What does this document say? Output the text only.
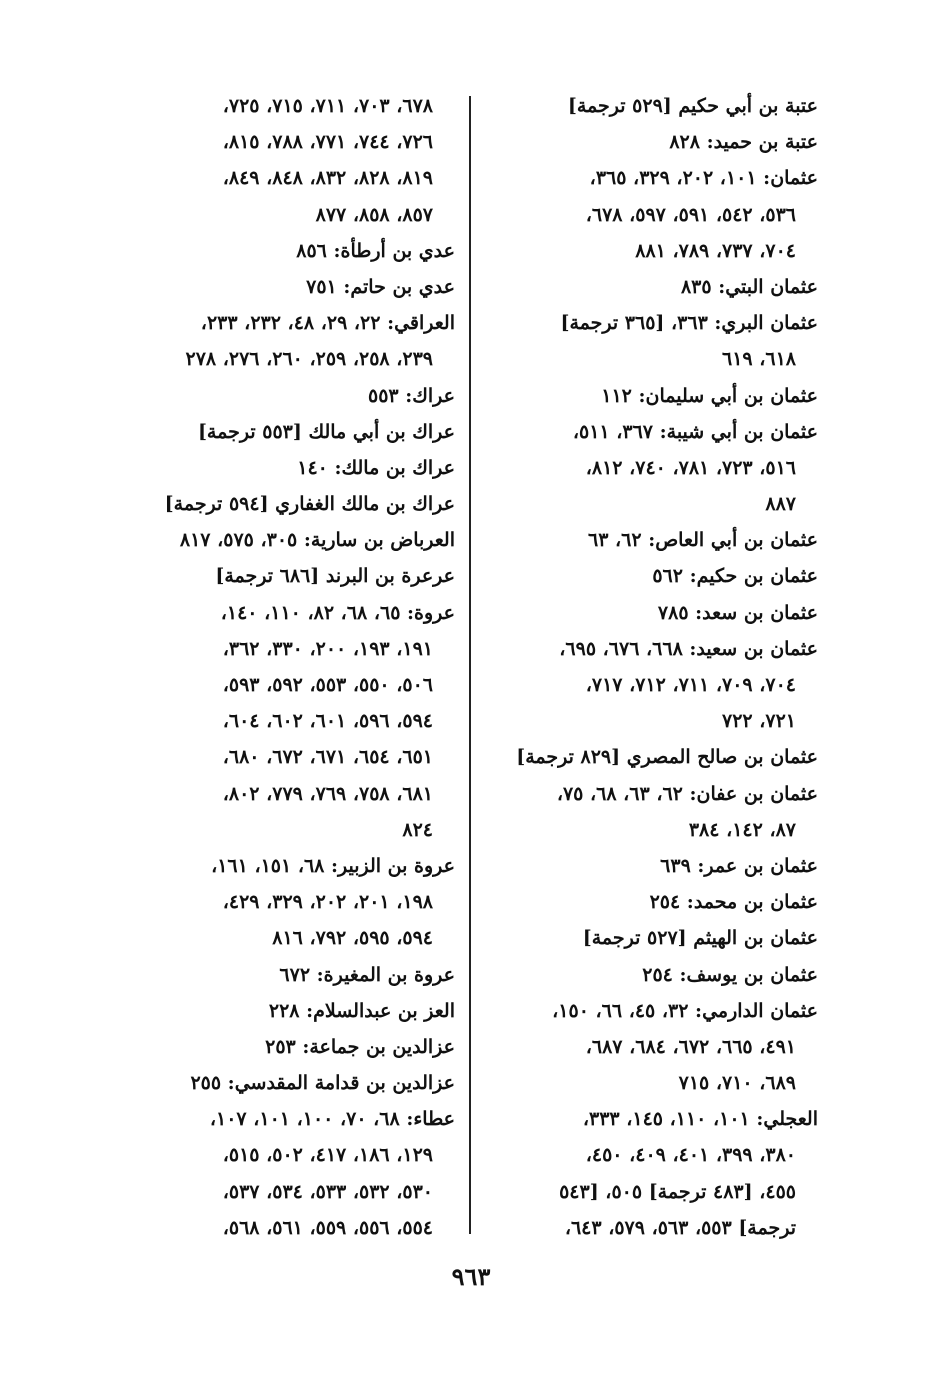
عتبة بن أبي حكيم [٥٢٩ ترجمة]
عتبة بن حميد: ٨٢٨
عثمان: ١٠١، ٢٠٢، ٣٢٩، ٣٦٥،
٥٣٦، ٥٤٢، ٥٩١، ٥٩٧، ٦٧٨،
٧٠٤، ٧٣٧، ٧٨٩، ٨٨١
عثمان البتي: ٨٣٥
عثمان البري: ٣٦٣، [٣٦٥ ترجمة]
٦١٨، ٦١٩
عثمان بن أبي سليمان: ١١٢
عثمان بن أبي شيبة: ٣٦٧، ٥١١،
٥١٦، ٧٢٣، ٧٨١، ٧٤٠، ٨١٢،
٨٨٧
عثمان بن أبي العاص: ٦٢، ٦٣
عثمان بن حكيم: ٥٦٢
عثمان بن سعد: ٧٨٥
عثمان بن سعيد: ٦٦٨، ٦٧٦، ٦٩٥،
٧٠٤، ٧٠٩، ٧١١، ٧١٢، ٧١٧،
٧٢١، ٧٢٢
عثمان بن صالح المصري [٨٢٩ ترجمة]
عثمان بن عفان: ٦٢، ٦٣، ٦٨، ٧٥،
٨٧، ١٤٢، ٣٨٤
عثمان بن عمر: ٦٣٩
عثمان بن محمد: ٢٥٤
عثمان بن الهيثم [٥٢٧ ترجمة]
عثمان بن يوسف: ٢٥٤
عثمان الدارمي: ٣٢، ٤٥، ٦٦، ١٥٠،
٤٩١، ٦٦٥، ٦٧٢، ٦٨٤، ٦٨٧،
٦٨٩، ٧١٠، ٧١٥
العجلي: ١٠١، ١١٠، ١٤٥، ٣٣٣،
٣٨٠، ٣٩٩، ٤٠١، ٤٠٩، ٤٥٠،
٤٥٥، [٤٨٣ ترجمة] ٥٠٥، [٥٤٣
ترجمة] ٥٥٣، ٥٦٣، ٥٧٩، ٦٤٣،
٦٧٨، ٧٠٣، ٧١١، ٧١٥، ٧٢٥،
٧٢٦، ٧٤٤، ٧٧١، ٧٨٨، ٨١٥،
٨١٩، ٨٢٨، ٨٣٢، ٨٤٨، ٨٤٩،
٨٥٧، ٨٥٨، ٨٧٧
عدي بن أرطأة: ٨٥٦
عدي بن حاتم: ٧٥١
العراقي: ٢٢، ٢٩، ٤٨، ٢٣٢، ٢٣٣،
٢٣٩، ٢٥٨، ٢٥٩، ٢٦٠، ٢٧٦، ٢٧٨
عراك: ٥٥٣
عراك بن أبي مالك [٥٥٣ ترجمة]
عراك بن مالك: ١٤٠
عراك بن مالك الغفاري [٥٩٤ ترجمة]
العرباض بن سارية: ٣٠٥، ٥٧٥، ٨١٧
عرعرة بن البرند [٦٨٦ ترجمة]
عروة: ٦٥، ٦٨، ٨٢، ١١٠، ١٤٠،
١٩١، ١٩٣، ٢٠٠، ٣٣٠، ٣٦٢،
٥٠٦، ٥٥٠، ٥٥٣، ٥٩٢، ٥٩٣،
٥٩٤، ٥٩٦، ٦٠١، ٦٠٢، ٦٠٤،
٦٥١، ٦٥٤، ٦٧١، ٦٧٢، ٦٨٠،
٦٨١، ٧٥٨، ٧٦٩، ٧٧٩، ٨٠٢،
٨٢٤
عروة بن الزبير: ٦٨، ١٥١، ١٦١،
١٩٨، ٢٠١، ٢٠٢، ٣٢٩، ٤٢٩،
٥٩٤، ٥٩٥، ٧٩٢، ٨١٦
عروة بن المغيرة: ٦٧٢
العز بن عبدالسلام: ٢٢٨
عزالدين بن جماعة: ٢٥٣
عزالدين بن قدامة المقدسي: ٢٥٥
عطاء: ٦٨، ٧٠، ١٠٠، ١٠١، ١٠٧،
١٢٩، ١٨٦، ٤١٧، ٥٠٢، ٥١٥،
٥٣٠، ٥٣٢، ٥٣٣، ٥٣٤، ٥٣٧،
٥٥٤، ٥٥٦، ٥٥٩، ٥٦١، ٥٦٨،
٩٦٣
